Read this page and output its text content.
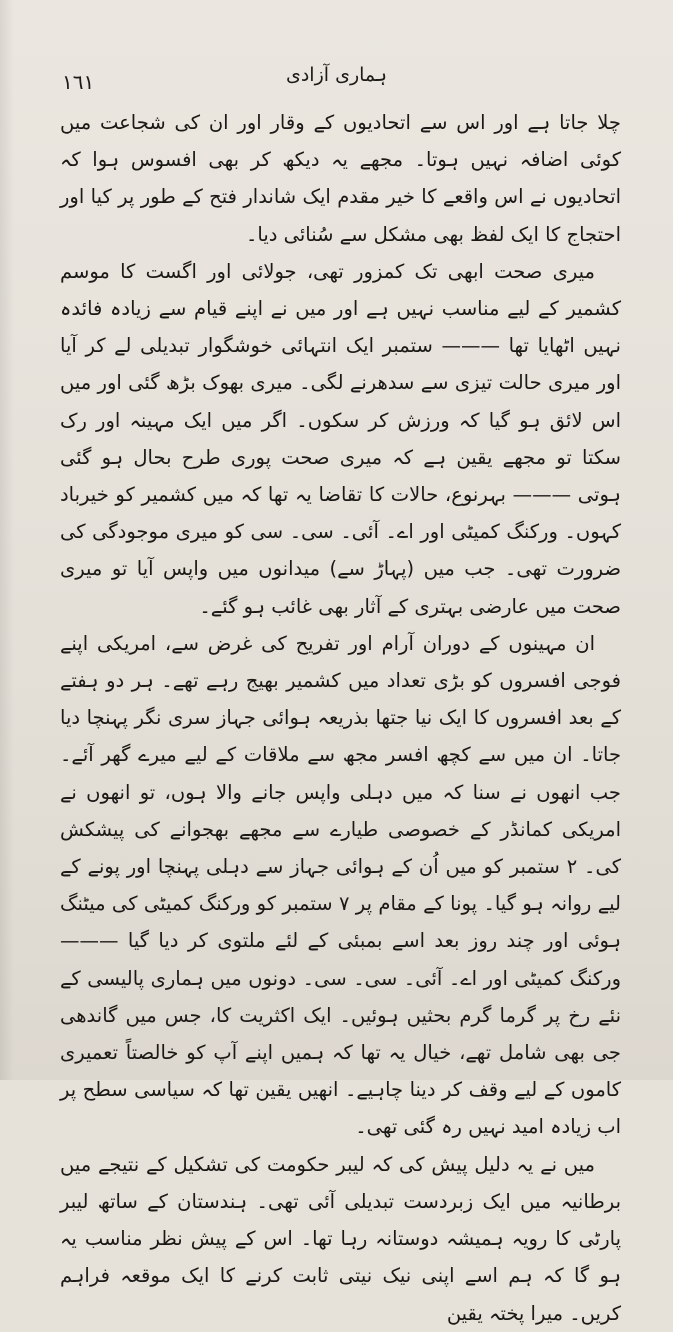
١٦١	ہماری آزادی

چلا جاتا ہے اور اس سے اتحادیوں کے وقار اور ان کی شجاعت میں کوئی اضافہ نہیں ہوتا۔ مجھے یہ دیکھ کر بھی افسوس ہوا کہ اتحادیوں نے اس واقعے کا خیر مقدم ایک شاندار فتح کے طور پر کیا اور احتجاج کا ایک لفظ بھی مشکل سے سُنائی دیا۔

میری صحت ابھی تک کمزور تھی، جولائی اور اگست کا موسم کشمیر کے لیے مناسب نہیں ہے اور میں نے اپنے قیام سے زیادہ فائدہ نہیں اٹھایا تھا ——— ستمبر ایک انتہائی خوشگوار تبدیلی لے کر آیا اور میری حالت تیزی سے سدھرنے لگی۔ میری بھوک بڑھ گئی اور میں اس لائق ہو گیا کہ ورزش کر سکوں۔ اگر میں ایک مہینہ اور رک سکتا تو مجھے یقین ہے کہ میری صحت پوری طرح بحال ہو گئی ہوتی ——— بہرنوع، حالات کا تقاضا یہ تھا کہ میں کشمیر کو خیرباد کہوں۔ ورکنگ کمیٹی اور اے۔ آئی۔ سی۔ سی کو میری موجودگی کی ضرورت تھی۔ جب میں (پہاڑ سے) میدانوں میں واپس آیا تو میری صحت میں عارضی بہتری کے آثار بھی غائب ہو گئے۔

ان مہینوں کے دوران آرام اور تفریح کی غرض سے، امریکی اپنے فوجی افسروں کو بڑی تعداد میں کشمیر بھیج رہے تھے۔ ہر دو ہفتے کے بعد افسروں کا ایک نیا جتھا بذریعہ ہوائی جہاز سری نگر پہنچا دیا جاتا۔ ان میں سے کچھ افسر مجھ سے ملاقات کے لیے میرے گھر آئے۔ جب انھوں نے سنا کہ میں دہلی واپس جانے والا ہوں، تو انھوں نے امریکی کمانڈر کے خصوصی طیارے سے مجھے بھجوانے کی پیشکش کی۔ ۲ ستمبر کو میں اُن کے ہوائی جہاز سے دہلی پہنچا اور پونے کے لیے روانہ ہو گیا۔ پونا کے مقام پر ۷ ستمبر کو ورکنگ کمیٹی کی میٹنگ ہوئی اور چند روز بعد اسے بمبئی کے لئے ملتوی کر دیا گیا ——— ورکنگ کمیٹی اور اے۔ آئی۔ سی۔ سی۔ دونوں میں ہماری پالیسی کے نئے رخ پر گرما گرم بحثیں ہوئیں۔ ایک اکثریت کا، جس میں گاندھی جی بھی شامل تھے، خیال یہ تھا کہ ہمیں اپنے آپ کو خالصتاً تعمیری کاموں کے لیے وقف کر دینا چاہیے۔ انھیں یقین تھا کہ سیاسی سطح پر اب زیادہ امید نہیں رہ گئی تھی۔

میں نے یہ دلیل پیش کی کہ لیبر حکومت کی تشکیل کے نتیجے میں برطانیہ میں ایک زبردست تبدیلی آئی تھی۔ ہندستان کے ساتھ لیبر پارٹی کا رویہ ہمیشہ دوستانہ رہا تھا۔ اس کے پیش نظر مناسب یہ ہو گا کہ ہم اسے اپنی نیک نیتی ثابت کرنے کا ایک موقعہ فراہم کریں۔ میرا پختہ یقین
